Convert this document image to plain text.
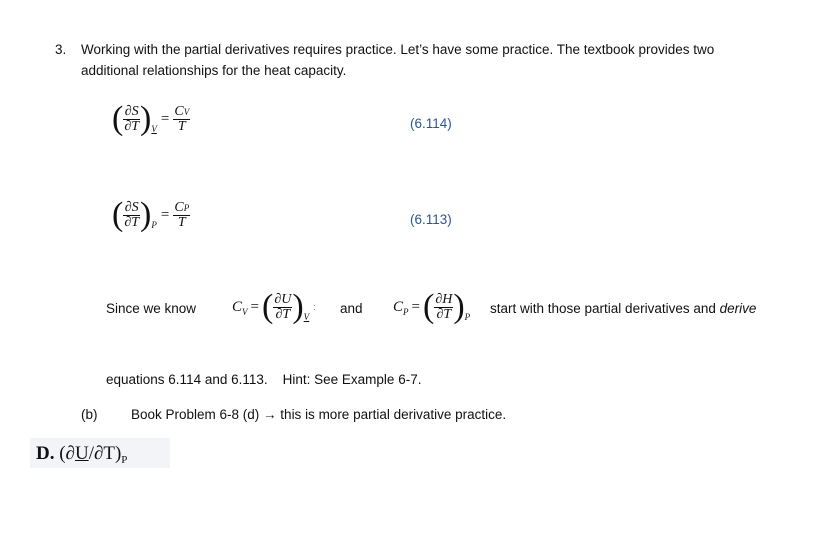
3. Working with the partial derivatives requires practice. Let’s have some practice. The textbook provides two
additional relationships for the heat capacity.
( $\frac{\partial S}{\partial T}$ ) V
= $\frac{CV}{T}$	(6.114)
( $\frac{\partial S}{\partial T}$ ) P
= $\frac{CP}{T}$	(6.113)
Since we know C V = ( $\frac{\partial U}{\partial T}$ ) V
: and C P = ( $\frac{\partial H}{\partial T}$ ) P
start with those partial derivatives and derive
equations 6.114 and 6.113.    Hint: See Example 6-7.
(b) Book Problem 6-8 (d) → this is more partial derivative practice.
D. $(\partial U/\partial T)_P$
